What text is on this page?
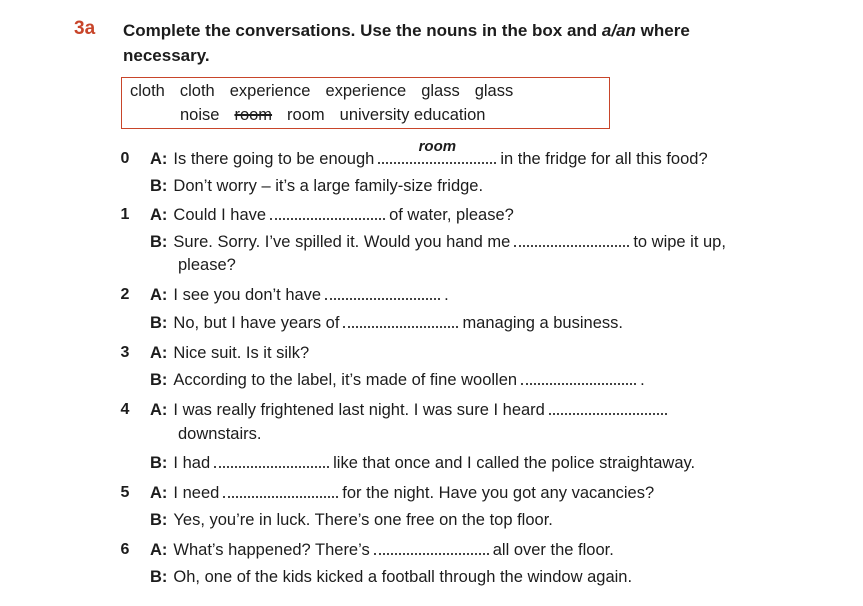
3a Complete the conversations. Use the nouns in the box and a/an where necessary.
cloth cloth experience experience glass glass
noise room room university education
0	A: Is there going to be enough
room
in the fridge for all this food?
B: Don’t worry – it’s a large family-size fridge.
1	A: Could I have	of water, please?
B: Sure. Sorry. I’ve spilled it. Would you hand me	to wipe it up,
please?
2	A: I see you don’t have	.
B: No, but I have years of	managing a business.
3	A: Nice suit. Is it silk?
B: According to the label, it’s made of fine woollen	.
4	A: I was really frightened last night. I was sure I heard
downstairs.
B: I had	like that once and I called the police straightaway.
5	A: I need	for the night. Have you got any vacancies?
B: Yes, you’re in luck. There’s one free on the top floor.
6	A: What’s happened? There’s	all over the floor.
B: Oh, one of the kids kicked a football through the window again.
